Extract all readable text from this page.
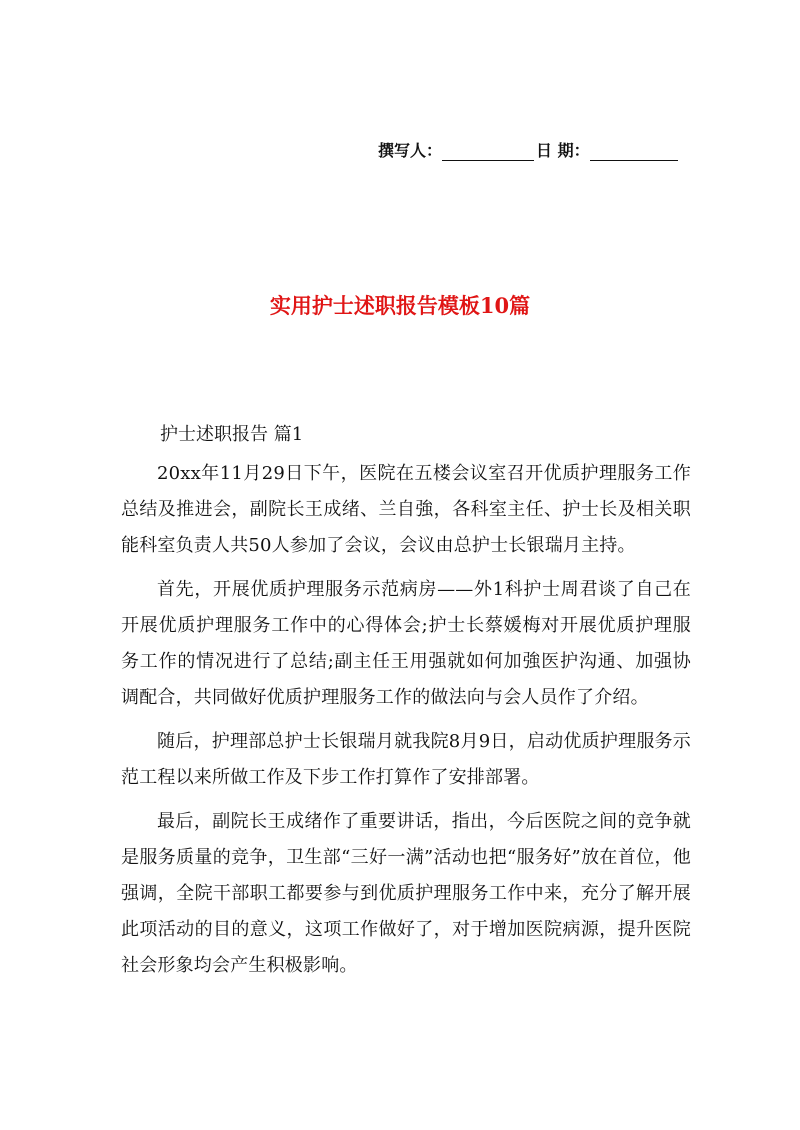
撰写人：	日 期：
实用护士述职报告模板10篇
护士述职报告 篇1

20xx年11月29日下午，医院在五楼会议室召开优质护理服务工作总结及推进会，副院长王成绪、兰自強，各科室主任、护士长及相关职能科室负责人共50人参加了会议，会议由总护士长银瑞月主持。

首先，开展优质护理服务示范病房——外1科护士周君谈了自己在开展优质护理服务工作中的心得体会;护士长蔡媛梅对开展优质护理服务工作的情况进行了总结;副主任王用强就如何加強医护沟通、加强协调配合，共同做好优质护理服务工作的做法向与会人员作了介绍。

随后，护理部总护士长银瑞月就我院8月9日，启动优质护理服务示范工程以来所做工作及下步工作打算作了安排部署。

最后，副院长王成绪作了重要讲话，指出，今后医院之间的竞争就是服务质量的竞争，卫生部“三好一满”活动也把“服务好”放在首位，他强调，全院干部职工都要参与到优质护理服务工作中来，充分了解开展此项活动的目的意义，这项工作做好了，对于增加医院病源，提升医院社会形象均会产生积极影响。
